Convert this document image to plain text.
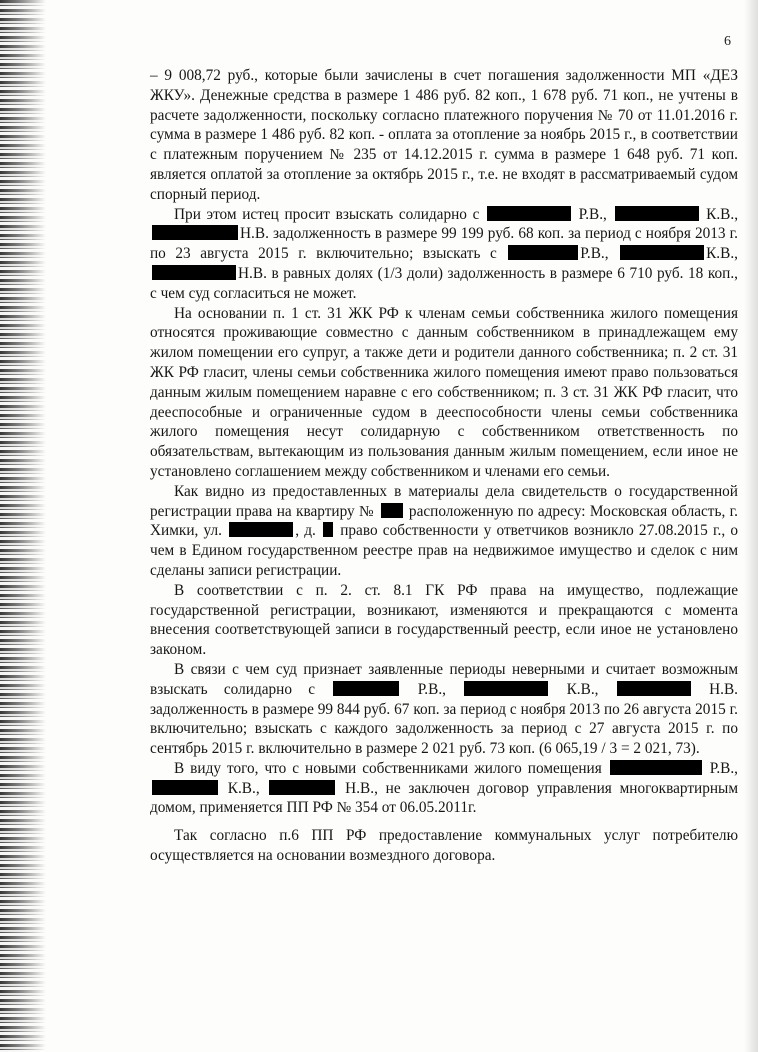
6

– 9 008,72 руб., которые были зачислены в счет погашения задолженности МП «ДЕЗ ЖКУ». Денежные средства в размере 1 486 руб. 82 коп., 1 678 руб. 71 коп., не учтены в расчете задолженности, поскольку согласно платежного поручения № 70 от 11.01.2016 г. сумма в размере 1 486 руб. 82 коп. - оплата за отопление за ноябрь 2015 г., в соответствии с платежным поручением № 235 от 14.12.2015 г. сумма в размере 1 648 руб. 71 коп. является оплатой за отопление за октябрь 2015 г., т.е. не входят в рассматриваемый судом спорный период.

При этом истец просит взыскать солидарно с	Р.В.,	К.В., Н.В. задолженность в размере 99 199 руб. 68 коп. за период с ноября 2013 г. по 23 августа 2015 г. включительно; взыскать с	Р.В.,	К.В., Н.В. в равных долях (1/3 доли) задолженность в размере 6 710 руб. 18 коп., с чем суд согласиться не может.

На основании п. 1 ст. 31 ЖК РФ к членам семьи собственника жилого помещения относятся проживающие совместно с данным собственником в принадлежащем ему жилом помещении его супруг, а также дети и родители данного собственника; п. 2 ст. 31 ЖК РФ гласит, члены семьи собственника жилого помещения имеют право пользоваться данным жилым помещением наравне с его собственником; п. 3 ст. 31 ЖК РФ гласит, что дееспособные и ограниченные судом в дееспособности члены семьи собственника жилого помещения несут солидарную с собственником ответственность по обязательствам, вытекающим из пользования данным жилым помещением, если иное не установлено соглашением между собственником и членами его семьи.

Как видно из предоставленных в материалы дела свидетельств о государственной регистрации права на квартиру №  расположенную по адресу: Московская область, г. Химки, ул.	, д.  право собственности у ответчиков возникло 27.08.2015 г., о чем в Едином государственном реестре прав на недвижимое имущество и сделок с ним сделаны записи регистрации.

В соответствии с п. 2. ст. 8.1 ГК РФ права на имущество, подлежащие государственной регистрации, возникают, изменяются и прекращаются с момента внесения соответствующей записи в государственный реестр, если иное не установлено законом.

В связи с чем суд признает заявленные периоды неверными и считает возможным взыскать солидарно с	Р.В.,	К.В.,	Н.В. задолженность в размере 99 844 руб. 67 коп. за период с ноября 2013 по 26 августа 2015 г. включительно; взыскать с каждого задолженность за период с 27 августа 2015 г. по сентябрь 2015 г. включительно в размере 2 021 руб. 73 коп. (6 065,19 / 3 = 2 021, 73).

В виду того, что с новыми собственниками жилого помещения	Р.В.,  К.В.,	Н.В., не заключен договор управления многоквартирным домом, применяется ПП РФ № 354 от 06.05.2011г.

Так согласно п.6 ПП РФ предоставление коммунальных услуг потребителю осуществляется на основании возмездного договора.
